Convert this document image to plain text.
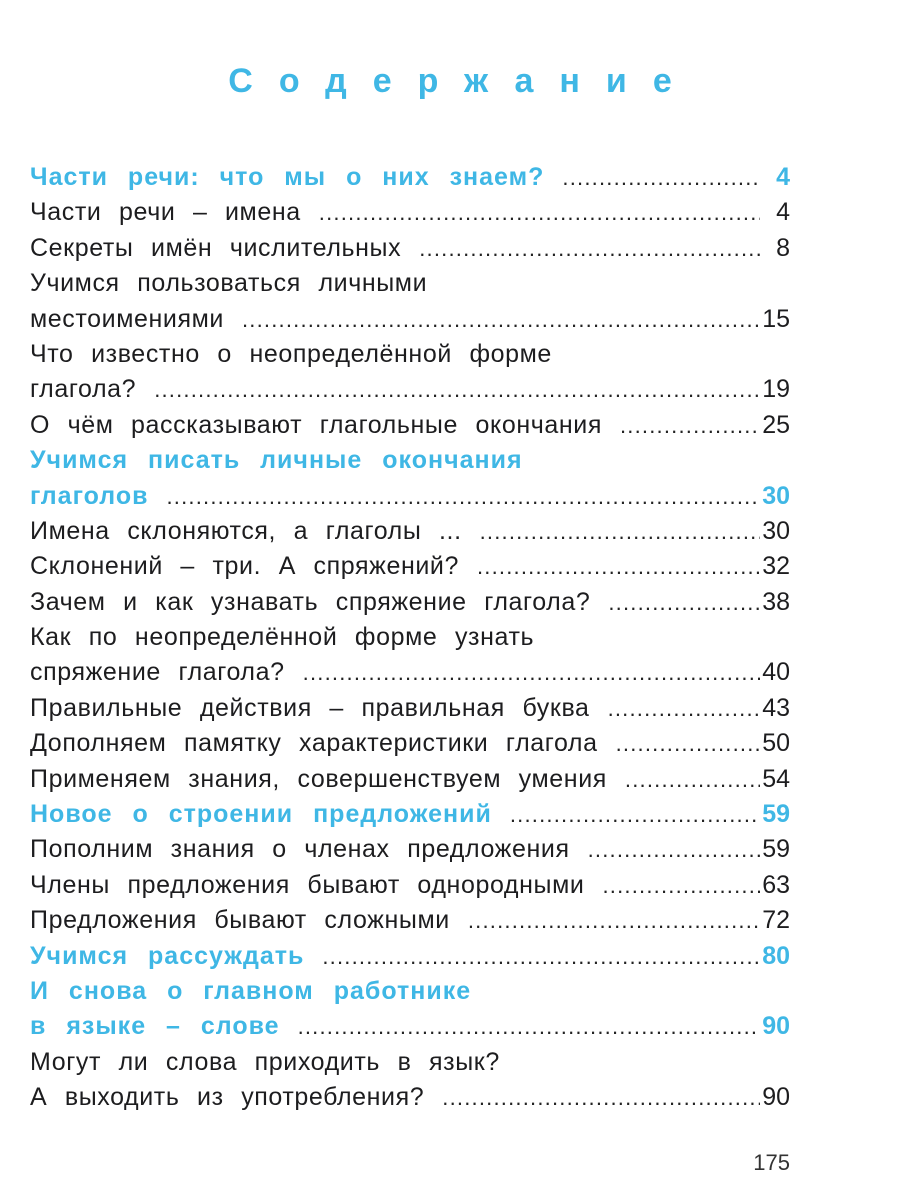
Содержание
Части речи: что мы о них знаем? .....	4
Части речи – имена .....	4
Секреты имён числительных .....	8
Учимся пользоваться личными
местоимениями .....	15
Что известно о неопределённой форме
глагола? .....	19
О чём рассказывают глагольные окончания .....	25
Учимся писать личные окончания
глаголов .....	30
Имена склоняются, а глаголы ... .....	30
Склонений – три. А спряжений? .....	32
Зачем и как узнавать спряжение глагола? .....	38
Как по неопределённой форме узнать
спряжение глагола? .....	40
Правильные действия – правильная буква .....	43
Дополняем памятку характеристики глагола .....	50
Применяем знания, совершенствуем умения .....	54
Новое о строении предложений .....	59
Пополним знания о членах предложения .....	59
Члены предложения бывают однородными .....	63
Предложения бывают сложными .....	72
Учимся рассуждать .....	80
И снова о главном работнике
в языке – слове .....	90
Могут ли слова приходить в язык?
А выходить из употребления? .....	90
175
